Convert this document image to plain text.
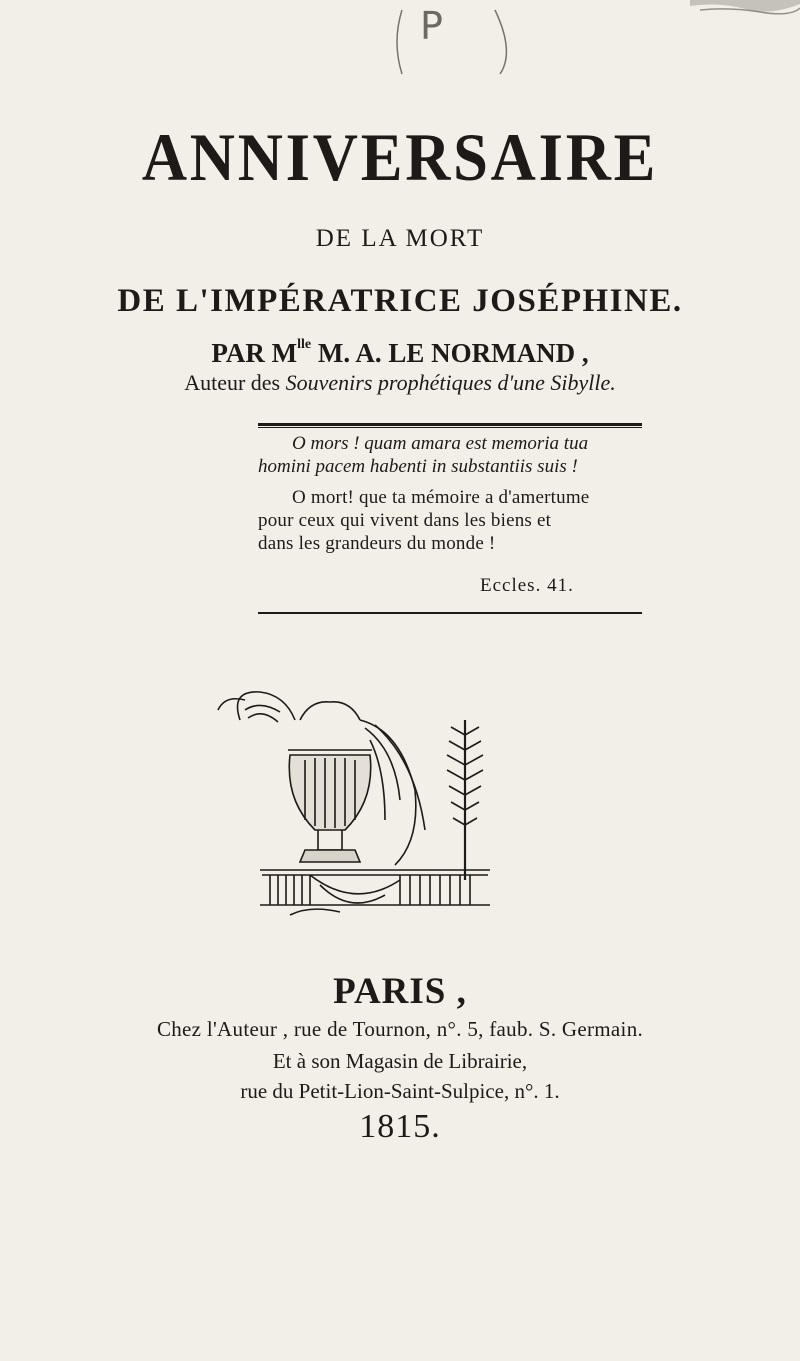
P
ANNIVERSAIRE
DE LA MORT
DE L'IMPÉRATRICE JOSÉPHINE.
PAR $M^{lle}$ M. A. LE NORMAND ,
Auteur des Souvenirs prophétiques d'une Sibylle.
O mors ! quam amara est memoria tua
homini pacem habenti in substantiis suis !
O mort! que ta mémoire a d'amertume
pour ceux qui vivent dans les biens et
dans les grandeurs du monde !
Eccles. 41.
PARIS ,
Chez l'Auteur , rue de Tournon, n°. 5, faub. S. Germain.
Et à son Magasin de Librairie,
rue du Petit-Lion-Saint-Sulpice, n°. 1.
1815.
